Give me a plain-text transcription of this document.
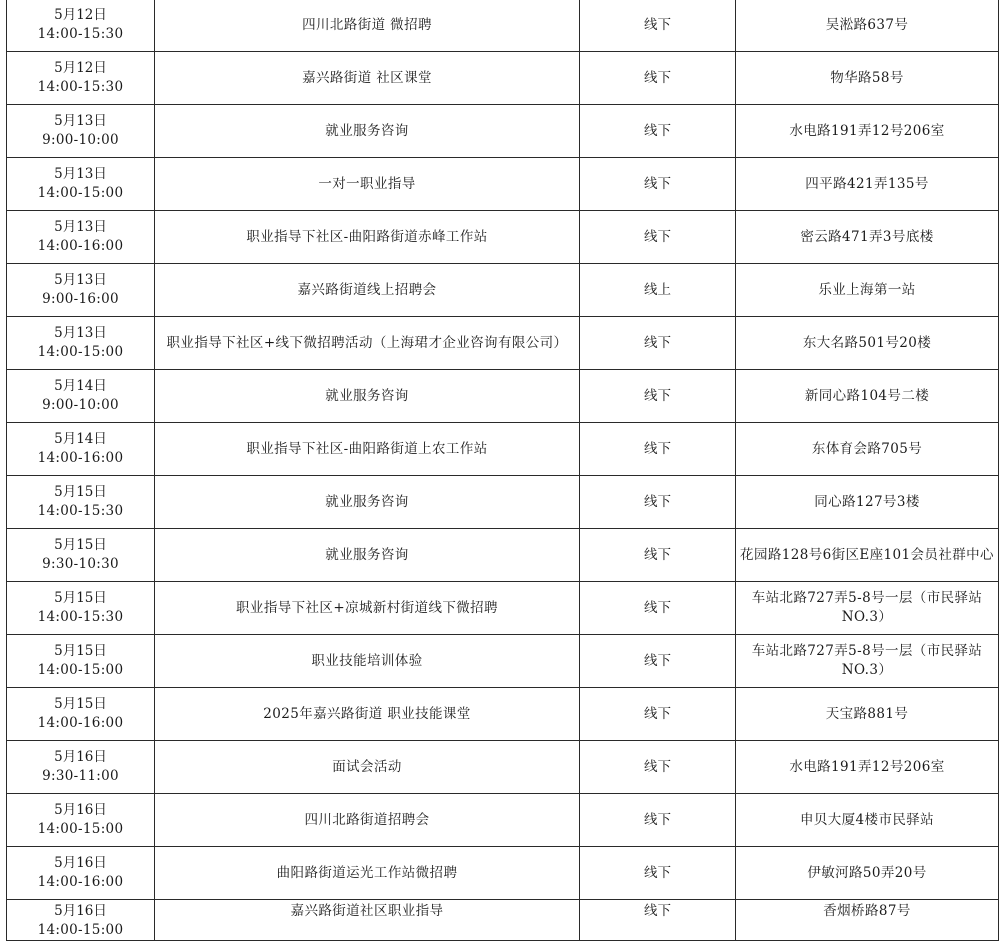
5月12日
14:00-15:30	四川北路街道 微招聘	线下	吴淞路637号

5月12日
14:00-15:30	嘉兴路街道 社区课堂	线下	物华路58号

5月13日
9:00-10:00	就业服务咨询	线下	水电路191弄12号206室

5月13日
14:00-15:00	一对一职业指导	线下	四平路421弄135号

5月13日
14:00-16:00	职业指导下社区-曲阳路街道赤峰工作站	线下	密云路471弄3号底楼

5月13日
9:00-16:00	嘉兴路街道线上招聘会	线上	乐业上海第一站

5月13日
14:00-15:00	职业指导下社区+线下微招聘活动（上海珺才企业咨询有限公司）	线下	东大名路501号20楼

5月14日
9:00-10:00	就业服务咨询	线下	新同心路104号二楼

5月14日
14:00-16:00	职业指导下社区-曲阳路街道上农工作站	线下	东体育会路705号

5月15日
14:00-15:30	就业服务咨询	线下	同心路127号3楼

5月15日
9:30-10:30	就业服务咨询	线下	花园路128号6街区E座101会员社群中心

5月15日
14:00-15:30	职业指导下社区+凉城新村街道线下微招聘	线下	车站北路727弄5-8号一层（市民驿站NO.3）

5月15日
14:00-15:00	职业技能培训体验	线下	车站北路727弄5-8号一层（市民驿站NO.3）

5月15日
14:00-16:00	2025年嘉兴路街道 职业技能课堂	线下	天宝路881号

5月16日
9:30-11:00	面试会活动	线下	水电路191弄12号206室

5月16日
14:00-15:00	四川北路街道招聘会	线下	申贝大厦4楼市民驿站

5月16日
14:00-16:00	曲阳路街道运光工作站微招聘	线下	伊敏河路50弄20号

5月16日
14:00-15:00	嘉兴路街道社区职业指导	线下	香烟桥路87号
